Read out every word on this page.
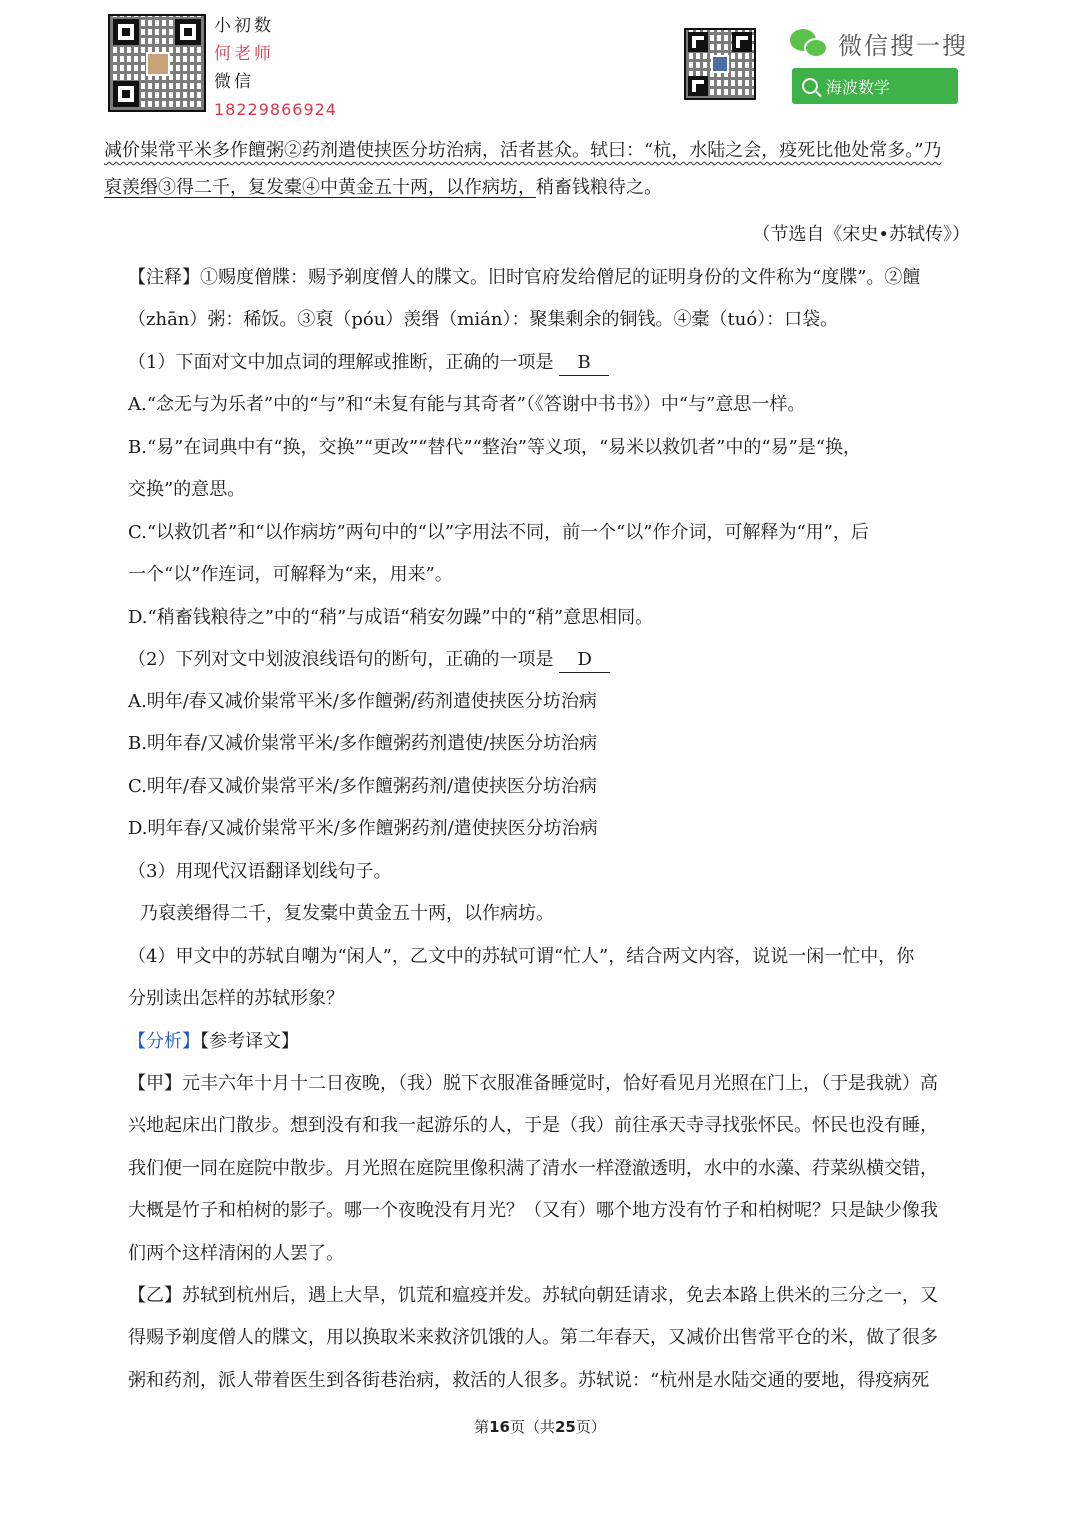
小初数
何老师
微信
18229866924
微信搜一搜
海波数学
减价粜常平米多作饘粥②药剂遣使挟医分坊治病，活者甚众。轼曰：“杭，水陆之会，疫死比他处常多。”乃
裒羡缗③得二千，复发橐④中黄金五十两，以作病坊，稍畜钱粮待之。
（节选自《宋史•苏轼传》）
【注释】①赐度僧牒：赐予剃度僧人的牒文。旧时官府发给僧尼的证明身份的文件称为“度牒”。②饘
（zhān）粥：稀饭。③裒（póu）羡缗（mián）：聚集剩余的铜钱。④橐（tuó）：口袋。
（1）下面对文中加点词的理解或推断，正确的一项是 B
A.“念无与为乐者”中的“与”和“未复有能与其奇者”（《答谢中书书》）中“与”意思一样。
B.“易”在词典中有“换，交换”“更改”“替代”“整治”等义项，“易米以救饥者”中的“易”是“换，
交换”的意思。
C.“以救饥者”和“以作病坊”两句中的“以”字用法不同，前一个“以”作介词，可解释为“用”，后
一个“以”作连词，可解释为“来，用来”。
D.“稍畜钱粮待之”中的“稍”与成语“稍安勿躁”中的“稍”意思相同。
（2）下列对文中划波浪线语句的断句，正确的一项是 D
A.明年/春又减价粜常平米/多作饘粥/药剂遣使挟医分坊治病
B.明年春/又减价粜常平米/多作饘粥药剂遣使/挟医分坊治病
C.明年/春又减价粜常平米/多作饘粥药剂/遣使挟医分坊治病
D.明年春/又减价粜常平米/多作饘粥药剂/遣使挟医分坊治病
（3）用现代汉语翻译划线句子。
乃裒羡缗得二千，复发橐中黄金五十两，以作病坊。
（4）甲文中的苏轼自嘲为“闲人”，乙文中的苏轼可谓“忙人”，结合两文内容，说说一闲一忙中，你
分别读出怎样的苏轼形象？
【分析】【参考译文】
【甲】元丰六年十月十二日夜晚，（我）脱下衣服准备睡觉时，恰好看见月光照在门上，（于是我就）高
兴地起床出门散步。想到没有和我一起游乐的人，于是（我）前往承天寺寻找张怀民。怀民也没有睡，
我们便一同在庭院中散步。月光照在庭院里像积满了清水一样澄澈透明，水中的水藻、荇菜纵横交错，
大概是竹子和柏树的影子。哪一个夜晚没有月光？（又有）哪个地方没有竹子和柏树呢？只是缺少像我
们两个这样清闲的人罢了。
【乙】苏轼到杭州后，遇上大旱，饥荒和瘟疫并发。苏轼向朝廷请求，免去本路上供米的三分之一，又
得赐予剃度僧人的牒文，用以换取米来救济饥饿的人。第二年春天，又减价出售常平仓的米，做了很多
粥和药剂，派人带着医生到各街巷治病，救活的人很多。苏轼说：“杭州是水陆交通的要地，得疫病死
第16页（共25页）
